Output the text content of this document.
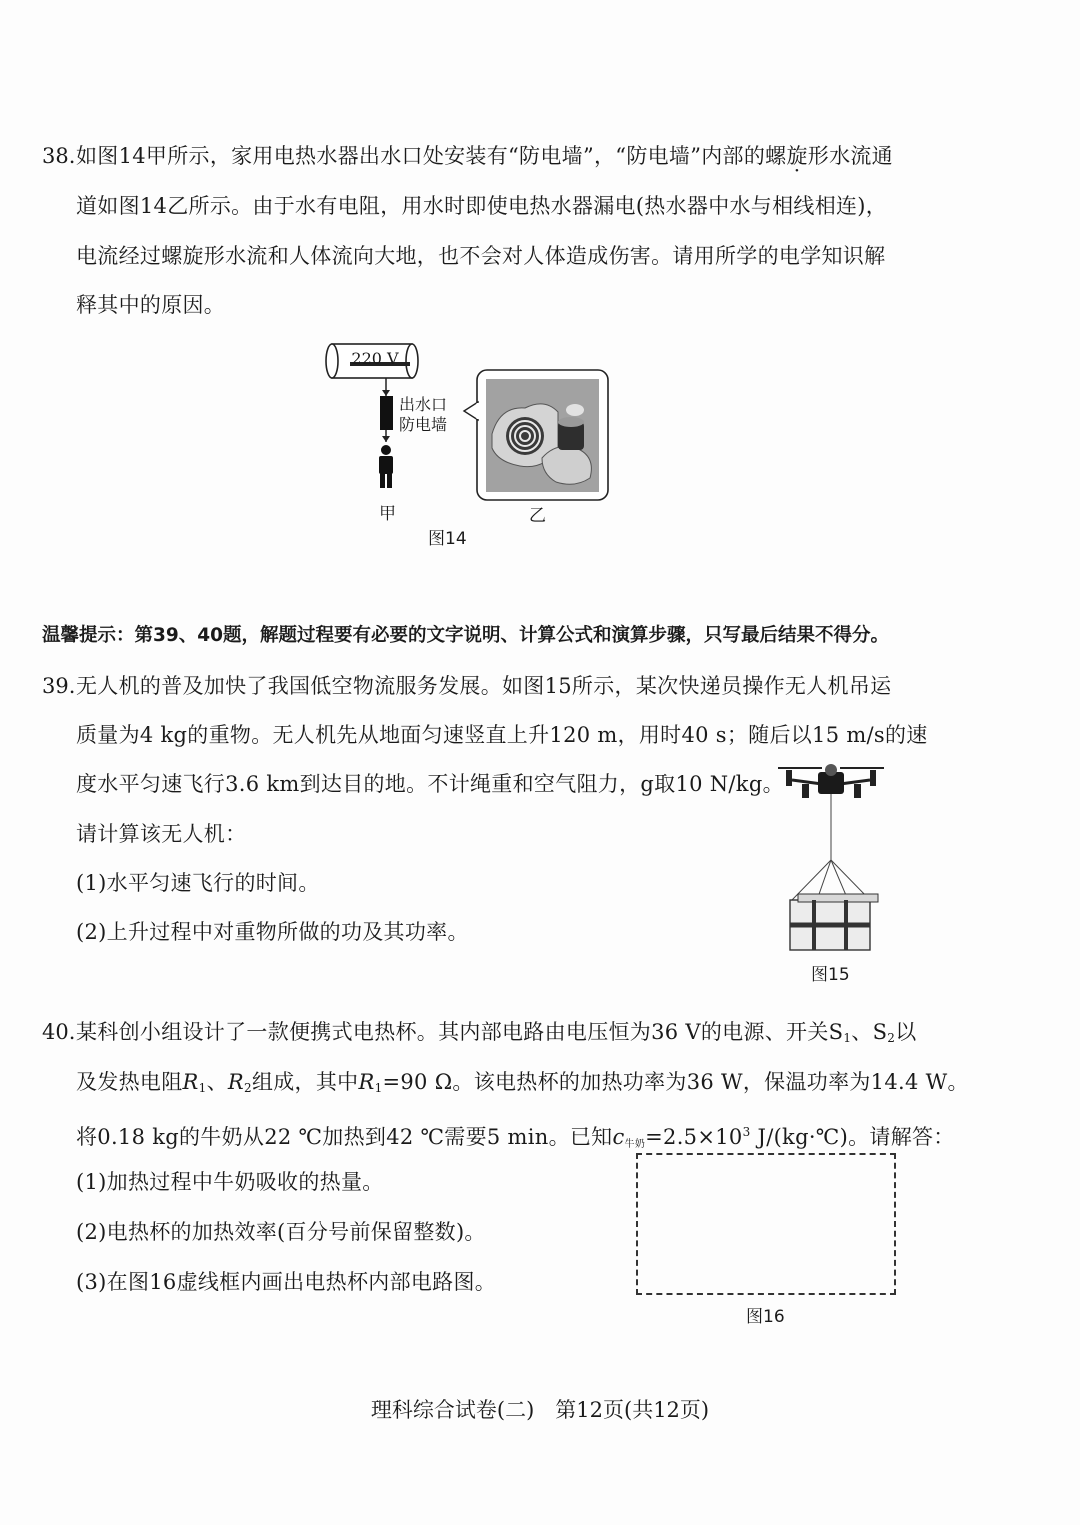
38. 如图14甲所示，家用电热水器出水口处安装有“防电墙”，“防电墙”内部的螺旋形水流通
道如图14乙所示。由于水有电阻，用水时即使电热水器漏电(热水器中水与相线相连)，
电流经过螺旋形水流和人体流向大地，也不会对人体造成伤害。请用所学的电学知识解
释其中的原因。
220 V
出水口
防电墙
甲	乙
图14
温馨提示：第39、40题，解题过程要有必要的文字说明、计算公式和演算步骤，只写最后结果不得分。
39. 无人机的普及加快了我国低空物流服务发展。如图15所示，某次快递员操作无人机吊运
质量为4 kg的重物。无人机先从地面匀速竖直上升120 m，用时40 s；随后以15 m/s的速
度水平匀速飞行3.6 km到达目的地。不计绳重和空气阻力，g取10 N/kg。
请计算该无人机：
(1)水平匀速飞行的时间。
(2)上升过程中对重物所做的功及其功率。
图15
40. 某科创小组设计了一款便携式电热杯。其内部电路由电压恒为36 V的电源、开关$S_1$、$S_2$以
及发热电阻$R_1$、$R_2$组成，其中$R_1=90$ Ω。该电热杯的加热功率为36 W，保温功率为14.4 W。
将0.18 kg的牛奶从22 ℃加热到42 ℃需要5 min。已知$c_{牛奶}=2.5\times 10^3$ J/(kg·℃)。请解答：
(1)加热过程中牛奶吸收的热量。
(2)电热杯的加热效率(百分号前保留整数)。
(3)在图16虚线框内画出电热杯内部电路图。
图16
理科综合试卷(二)　第12页(共12页)
